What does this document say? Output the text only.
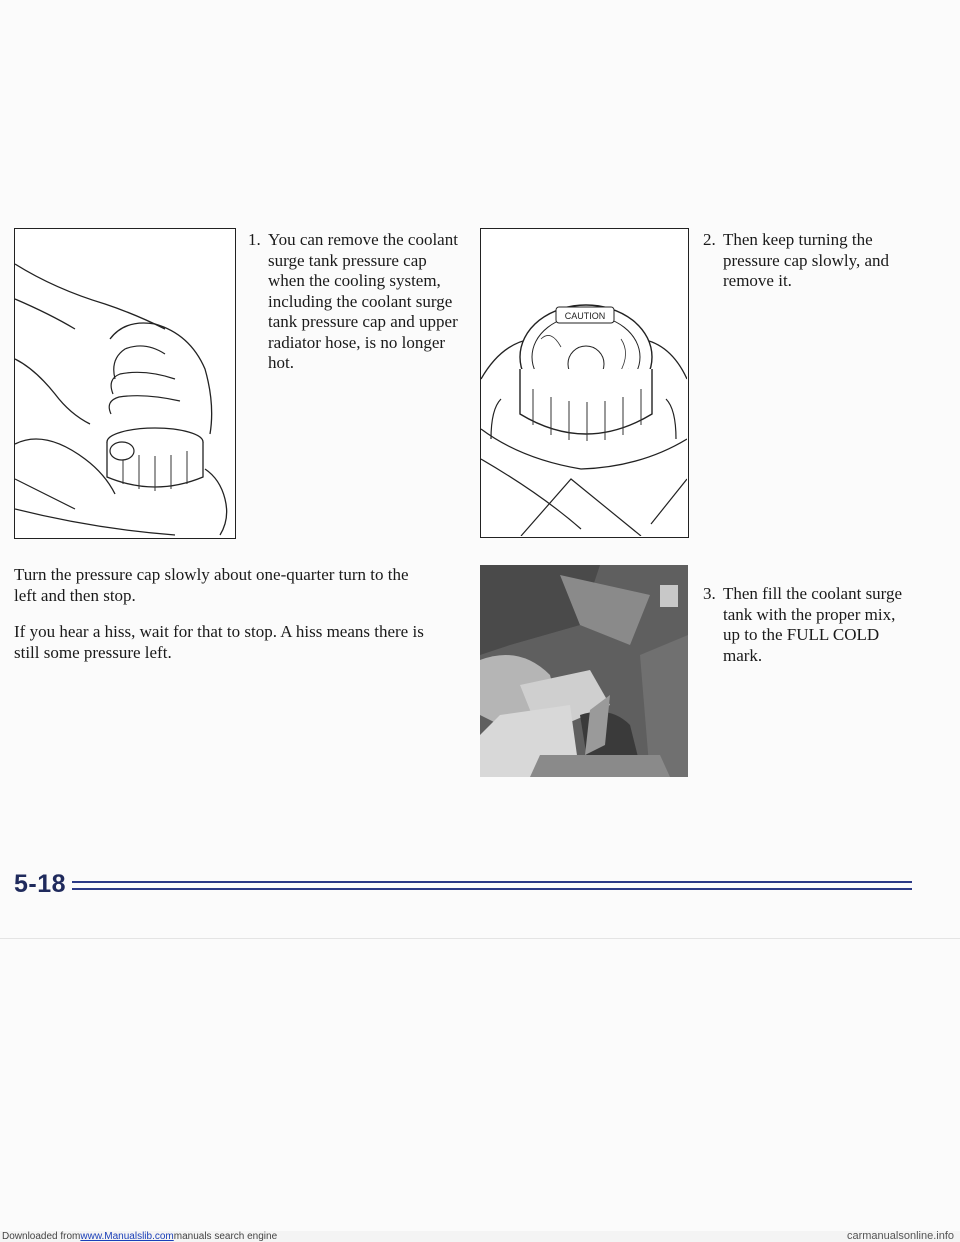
1. You can remove the coolant surge tank pressure cap when the cooling system, including the coolant surge tank pressure cap and upper radiator hose, is no longer hot.
CAUTION
2. Then keep turning the pressure cap slowly, and remove it.
Turn the pressure cap slowly about one-quarter turn to the left and then stop.
If you hear a hiss, wait for that to stop. A hiss means there is still some pressure left.
3. Then fill the coolant surge tank with the proper mix, up to the FULL COLD mark.
5-18
Downloaded from www.Manualslib.com manuals search engine	carmanualsonline.info
